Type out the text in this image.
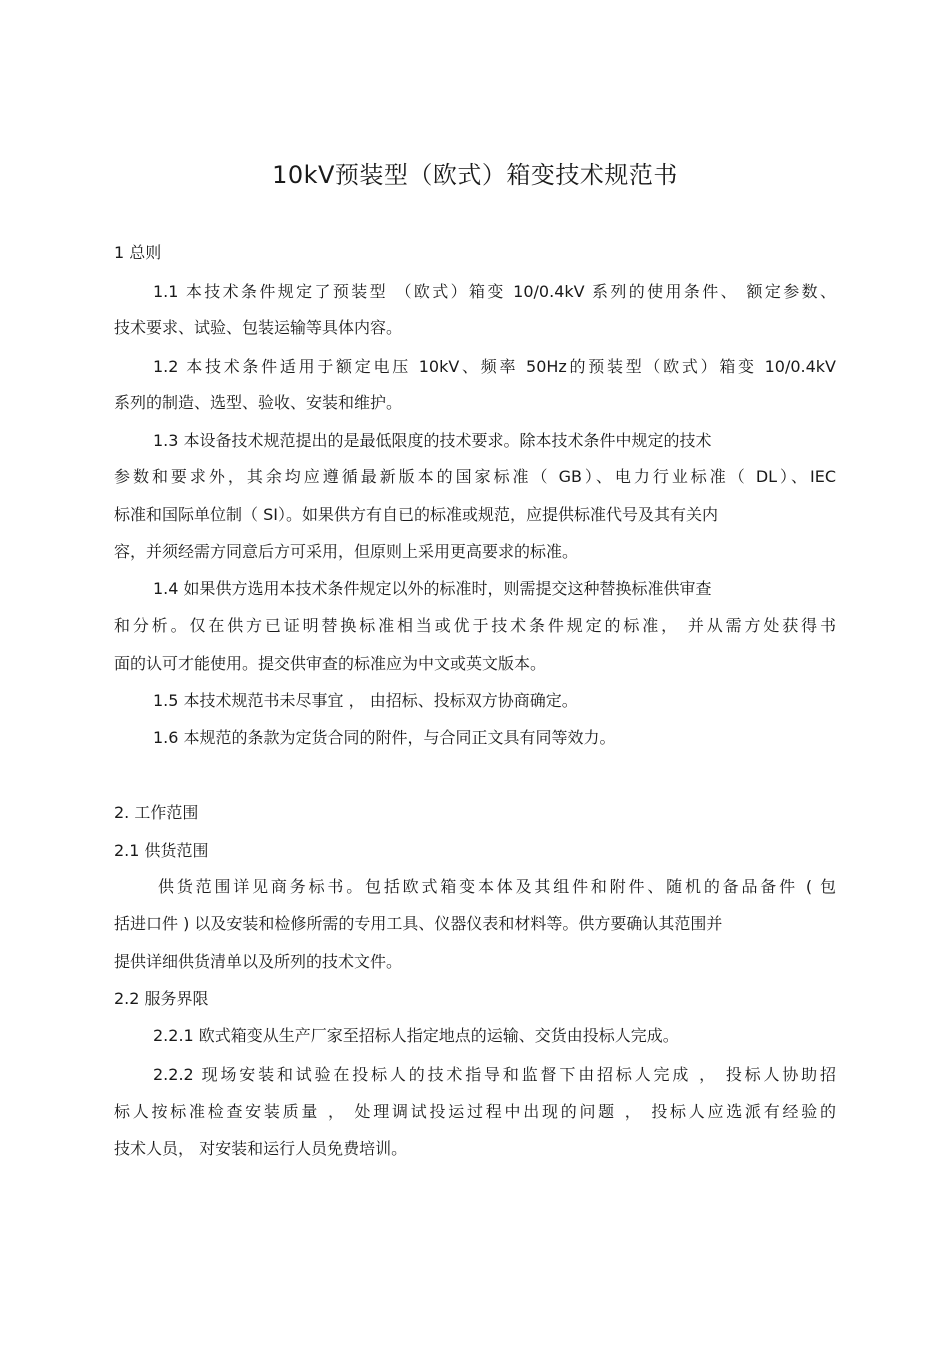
10kV预装型（欧式）箱变技术规范书
1 总则
1.1 本技术条件规定了预装型 （欧式）箱变 10/0.4kV 系列的使用条件、 额定参数、
技术要求、试验、包装运输等具体内容。
1.2 本技术条件适用于额定电压 10kV、频率 50Hz的预装型（欧式）箱变 10/0.4kV
系列的制造、选型、验收、安装和维护。
1.3 本设备技术规范提出的是最低限度的技术要求。除本技术条件中规定的技术
参数和要求外，其余均应遵循最新版本的国家标准（ GB）、电力行业标准（ DL）、IEC
标准和国际单位制（ SI）。如果供方有自已的标准或规范，应提供标准代号及其有关内
容，并须经需方同意后方可采用，但原则上采用更高要求的标准。
1.4 如果供方选用本技术条件规定以外的标准时，则需提交这种替换标准供审查
和分析。仅在供方已证明替换标准相当或优于技术条件规定的标准， 并从需方处获得书
面的认可才能使用。提交供审查的标准应为中文或英文版本。
1.5 本技术规范书未尽事宜 ， 由招标、投标双方协商确定。
1.6 本规范的条款为定货合同的附件，与合同正文具有同等效力。
2. 工作范围
2.1 供货范围
供货范围详见商务标书。包括欧式箱变本体及其组件和附件、随机的备品备件 ( 包
括进口件 ) 以及安装和检修所需的专用工具、仪器仪表和材料等。供方要确认其范围并
提供详细供货清单以及所列的技术文件。
2.2 服务界限
2.2.1 欧式箱变从生产厂家至招标人指定地点的运输、交货由投标人完成。
2.2.2 现场安装和试验在投标人的技术指导和监督下由招标人完成 ， 投标人协助招
标人按标准检查安装质量 ， 处理调试投运过程中出现的问题 ， 投标人应选派有经验的
技术人员， 对安装和运行人员免费培训。
